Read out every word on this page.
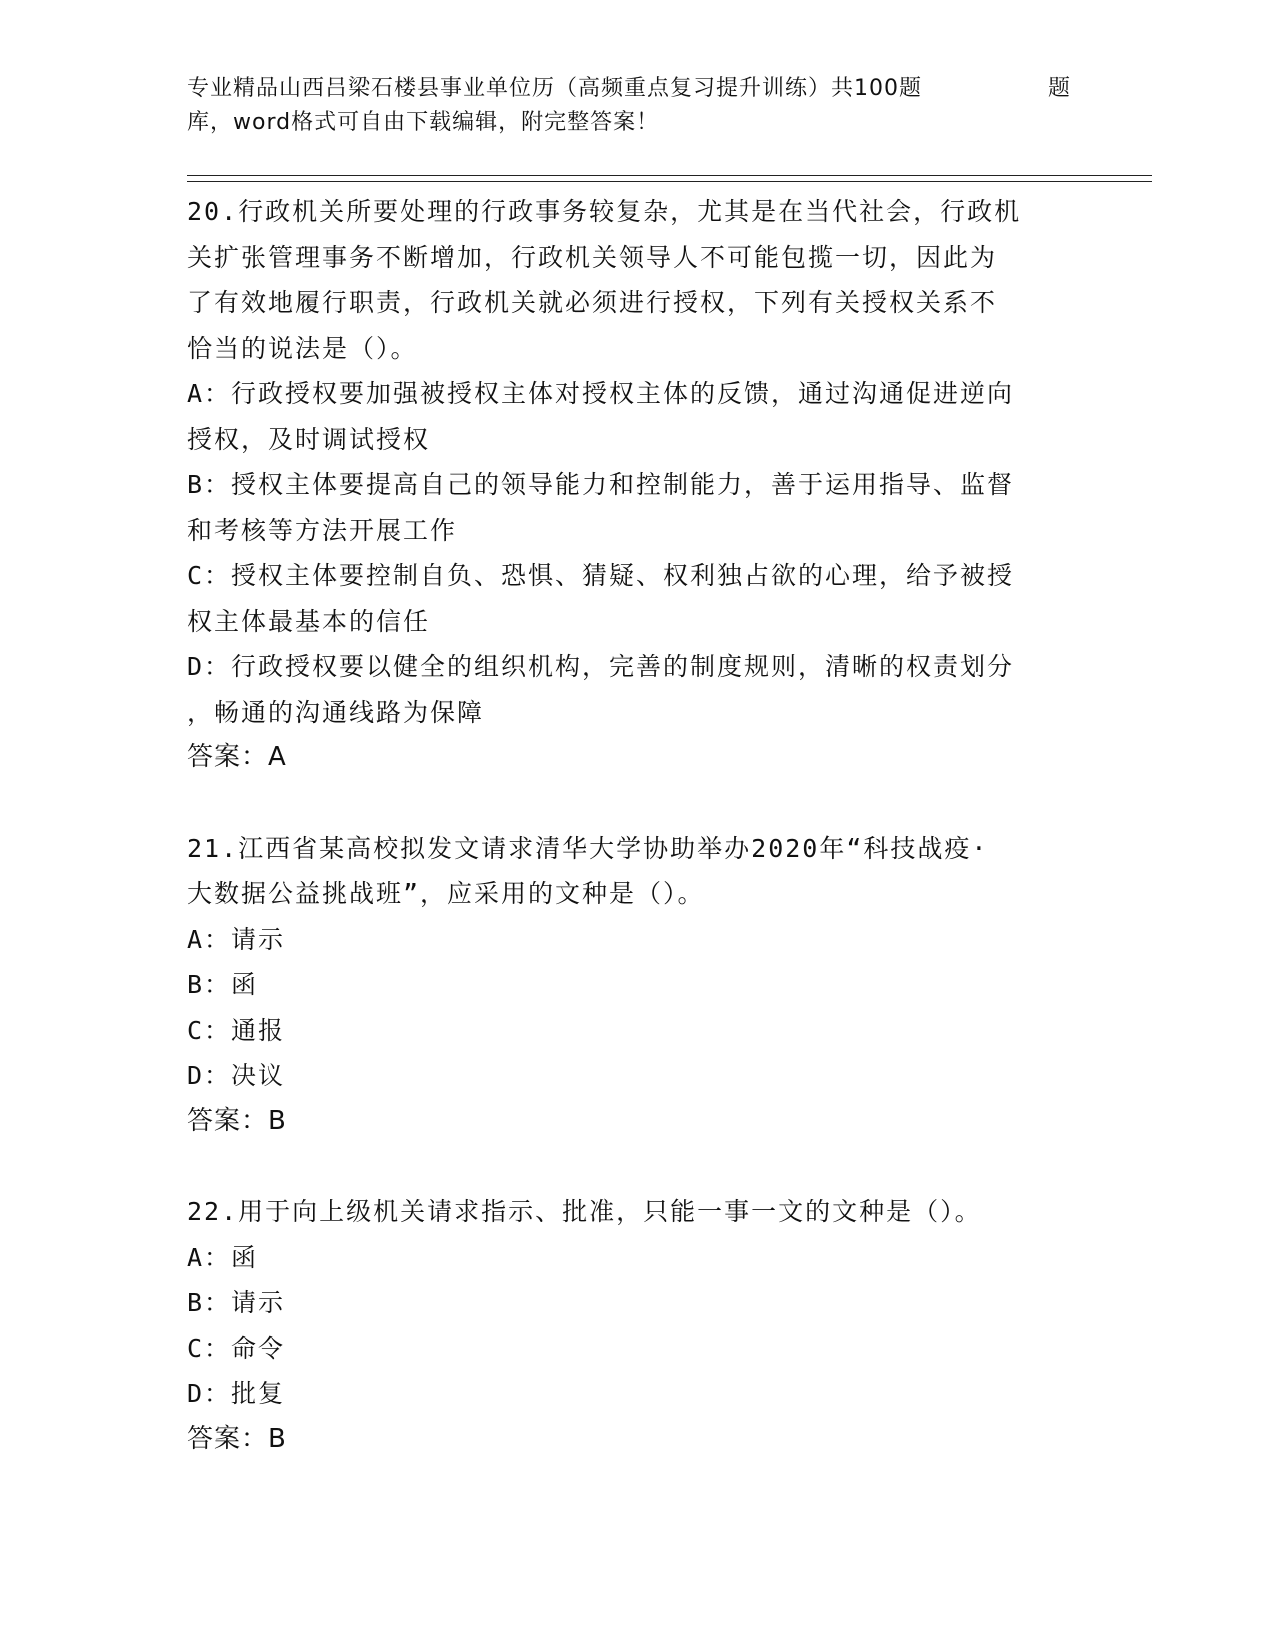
专业精品山西吕梁石楼县事业单位历（高频重点复习提升训练）共100题
库，word格式可自由下载编辑，附完整答案！
题
20.行政机关所要处理的行政事务较复杂，尤其是在当代社会，行政机
关扩张管理事务不断增加，行政机关领导人不可能包揽一切，因此为
了有效地履行职责，行政机关就必须进行授权，下列有关授权关系不
恰当的说法是（）。
A：行政授权要加强被授权主体对授权主体的反馈，通过沟通促进逆向
授权，及时调试授权
B：授权主体要提高自己的领导能力和控制能力，善于运用指导、监督
和考核等方法开展工作
C：授权主体要控制自负、恐惧、猜疑、权利独占欲的心理，给予被授
权主体最基本的信任
D：行政授权要以健全的组织机构，完善的制度规则，清晰的权责划分
，畅通的沟通线路为保障
答案：A
21.江西省某高校拟发文请求清华大学协助举办2020年“科技战疫·
大数据公益挑战班”，应采用的文种是（）。
A：请示
B：函
C：通报
D：决议
答案：B
22.用于向上级机关请求指示、批准，只能一事一文的文种是（）。
A：函
B：请示
C：命令
D：批复
答案：B
